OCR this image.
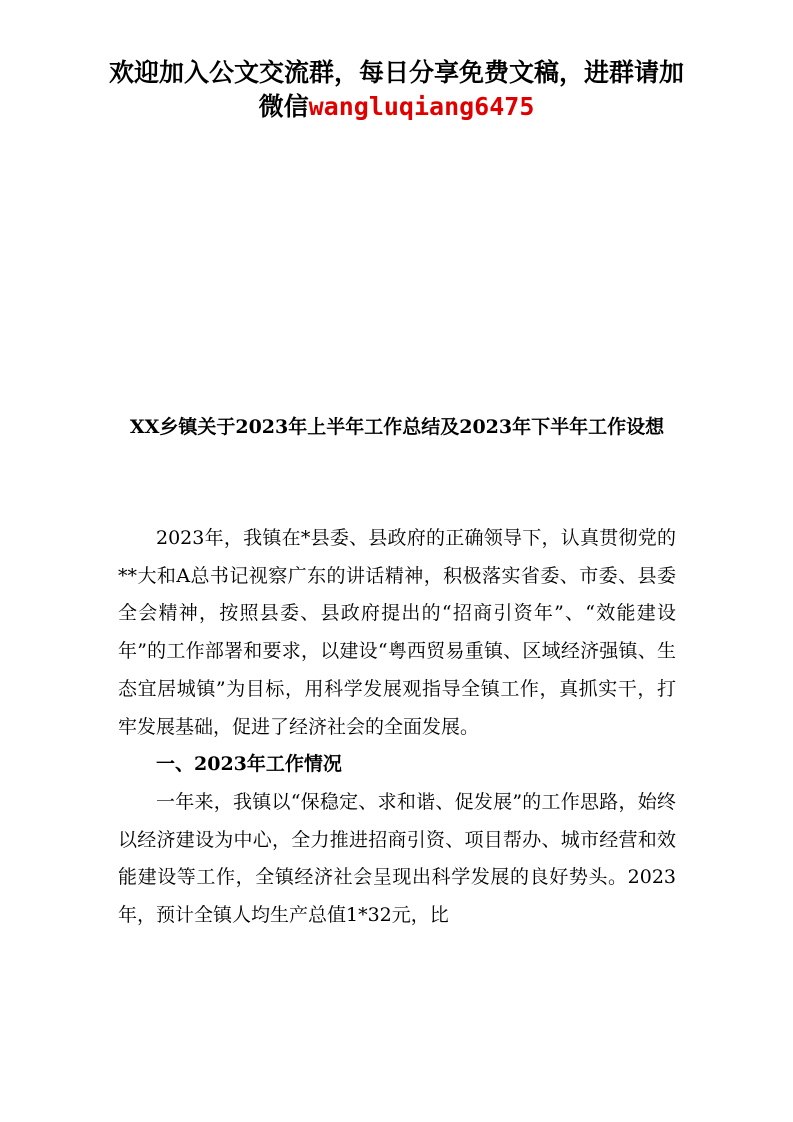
欢迎加入公文交流群，每日分享免费文稿，进群请加
微信wangluqiang6475
XX乡镇关于2023年上半年工作总结及2023年下半年工作设想

2023年，我镇在*县委、县政府的正确领导下，认真贯彻党的**大和A总书记视察广东的讲话精神，积极落实省委、市委、县委全会精神，按照县委、县政府提出的“招商引资年”、“效能建设年”的工作部署和要求，以建设“粤西贸易重镇、区域经济强镇、生态宜居城镇”为目标，用科学发展观指导全镇工作，真抓实干，打牢发展基础，促进了经济社会的全面发展。

一、2023年工作情况

一年来，我镇以“保稳定、求和谐、促发展”的工作思路，始终以经济建设为中心，全力推进招商引资、项目帮办、城市经营和效能建设等工作，全镇经济社会呈现出科学发展的良好势头。2023年，预计全镇人均生产总值1*32元，比
